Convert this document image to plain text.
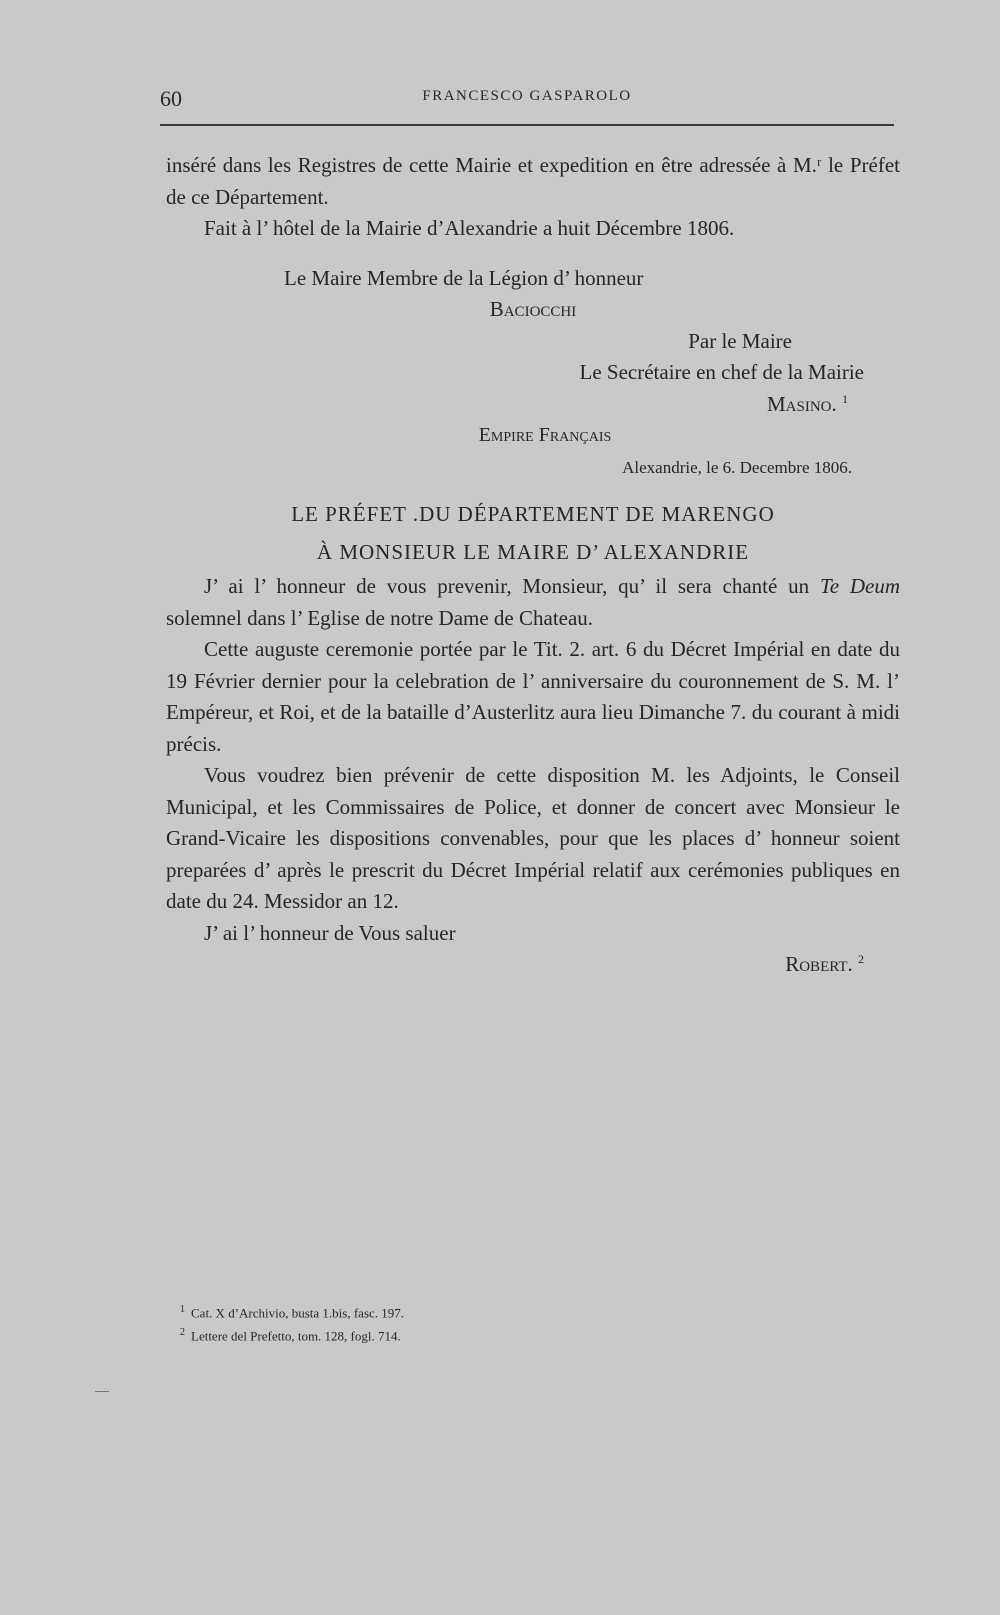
60	FRANCESCO GASPAROLO

inséré dans les Registres de cette Mairie et expedition en être adressée à M.ʳ le Préfet de ce Département.

Fait à l’ hôtel de la Mairie d’Alexandrie a huit Décembre 1806.

Le Maire Membre de la Légion d’ honneur

Baciocchi

Par le Maire

Le Secrétaire en chef de la Mairie

Masino. $^1$

Empire Français

Alexandrie, le 6. Decembre 1806.

LE PRÉFET .DU DÉPARTEMENT DE MARENGO

À MONSIEUR LE MAIRE D’ ALEXANDRIE

J’ ai l’ honneur de vous prevenir, Monsieur, qu’ il sera chanté un Te Deum solemnel dans l’ Eglise de notre Dame de Chateau.

Cette auguste ceremonie portée par le Tit. 2. art. 6 du Décret Impérial en date du 19 Février dernier pour la celebration de l’ anniversaire du couronnement de S. M. l’ Empéreur, et Roi, et de la bataille d’Austerlitz aura lieu Dimanche 7. du courant à midi précis.

Vous voudrez bien prévenir de cette disposition M. les Adjoints, le Conseil Municipal, et les Commissaires de Police, et donner de concert avec Monsieur le Grand-Vicaire les dispositions convenables, pour que les places d’ honneur soient preparées d’ après le prescrit du Décret Impérial relatif aux cerémonies publiques en date du 24. Messidor an 12.

J’ ai l’ honneur de Vous saluer

Robert. $^2$

$^1$ Cat. X d’Archivio, busta 1.bis, fasc. 197.

$^2$ Lettere del Prefetto, tom. 128, fogl. 714.
